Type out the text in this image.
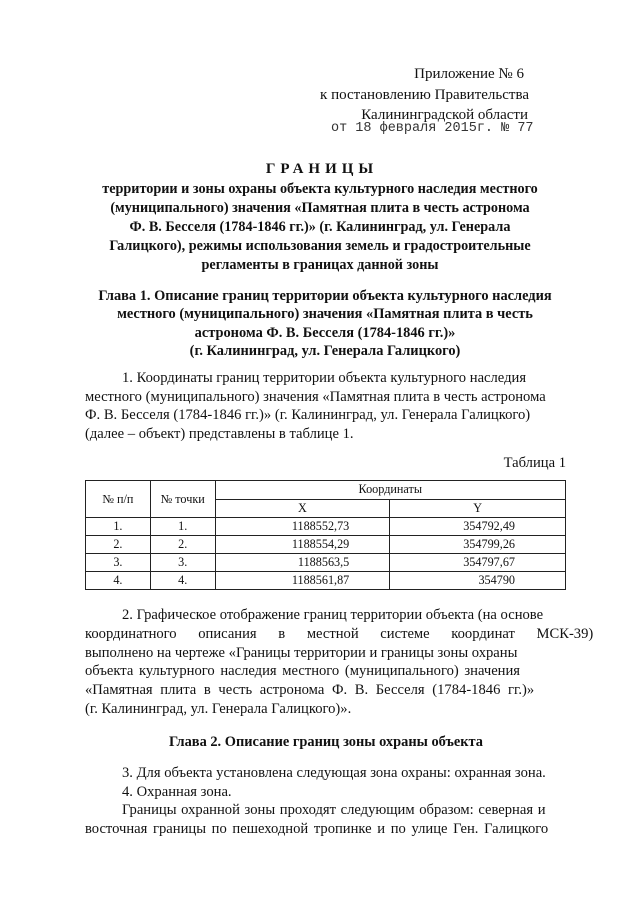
Приложение № 6
к постановлению Правительства
Калининградской области
от 18 февраля 2015г. № 77
ГРАНИЦЫ
территории и зоны охраны объекта культурного наследия местного
(муниципального) значения «Памятная плита в честь астронома
Ф. В. Бесселя (1784-1846 гг.)» (г. Калининград, ул. Генерала
Галицкого), режимы использования земель и градостроительные
регламенты в границах данной зоны
Глава 1. Описание границ территории объекта культурного наследия
местного (муниципального) значения «Памятная плита в честь
астронома Ф. В. Бесселя (1784-1846 гг.)»
(г. Калининград, ул. Генерала Галицкого)
1. Координаты границ территории объекта культурного наследия
местного (муниципального) значения «Памятная плита в честь астронома
Ф. В. Бесселя (1784-1846 гг.)» (г. Калининград, ул. Генерала Галицкого)
(далее – объект) представлены в таблице 1.
Таблица 1
№ п/п	№ точки	Координаты	
		X	Y
1.	1.	1188552,73	354792,49
2.	2.	1188554,29	354799,26
3.	3.	1188563,5	354797,67
4.	4.	1188561,87	354790
2. Графическое отображение границ территории объекта (на основе
координатного описания в местной системе координат МСК-39)
выполнено на чертеже «Границы территории и границы зоны охраны
объекта культурного наследия местного (муниципального) значения
«Памятная плита в честь астронома Ф. В. Бесселя (1784-1846 гг.)»
(г. Калининград, ул. Генерала Галицкого)».
Глава 2. Описание границ зоны охраны объекта
3. Для объекта установлена следующая зона охраны: охранная зона.
4. Охранная зона.
Границы охранной зоны проходят следующим образом: северная и
восточная границы по пешеходной тропинке и по улице Ген. Галицкого
